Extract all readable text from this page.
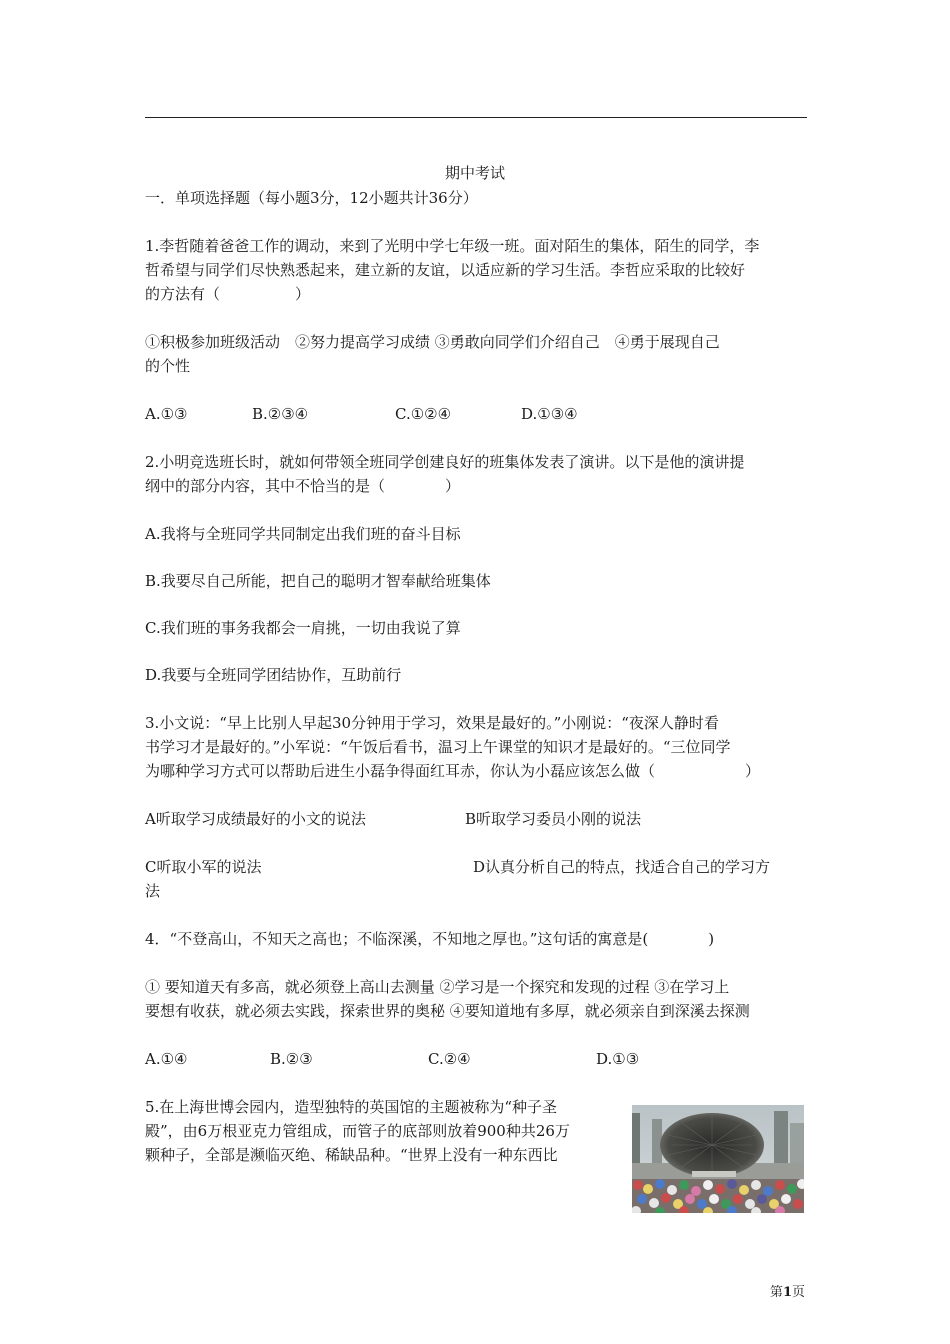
期中考试
一．单项选择题（每小题3分，12小题共计36分）
1.李哲随着爸爸工作的调动，来到了光明中学七年级一班。面对陌生的集体，陌生的同学，李
哲希望与同学们尽快熟悉起来，建立新的友谊，以适应新的学习生活。李哲应采取的比较好
的方法有（　　　　　）
①积极参加班级活动　②努力提高学习成绩 ③勇敢向同学们介绍自己　④勇于展现自己
的个性
A.①③	B.②③④	C.①②④	D.①③④
2.小明竞选班长时，就如何带领全班同学创建良好的班集体发表了演讲。以下是他的演讲提
纲中的部分内容，其中不恰当的是（　　　　）
A.我将与全班同学共同制定出我们班的奋斗目标
B.我要尽自己所能，把自己的聪明才智奉献给班集体
C.我们班的事务我都会一肩挑，一切由我说了算
D.我要与全班同学团结协作，互助前行
3.小文说：“早上比别人早起30分钟用于学习，效果是最好的。”小刚说：“夜深人静时看
书学习才是最好的。”小军说：“午饭后看书，温习上午课堂的知识才是最好的。“三位同学
为哪种学习方式可以帮助后进生小磊争得面红耳赤，你认为小磊应该怎么做（　　　　　　）
A听取学习成绩最好的小文的说法	B听取学习委员小刚的说法
C听取小军的说法	D认真分析自己的特点，找适合自己的学习方
法
4．“不登高山，不知天之高也；不临深溪，不知地之厚也。”这句话的寓意是(　　　　)
① 要知道天有多高，就必须登上高山去测量 ②学习是一个探究和发现的过程 ③在学习上
要想有收获，就必须去实践，探索世界的奥秘 ④要知道地有多厚，就必须亲自到深溪去探测
A.①④	B.②③	C.②④	D.①③
5.在上海世博会园内，造型独特的英国馆的主题被称为“种子圣
殿”，由6万根亚克力管组成，而管子的底部则放着900种共26万
颗种子，全部是濒临灭绝、稀缺品种。“世界上没有一种东西比
第1页
